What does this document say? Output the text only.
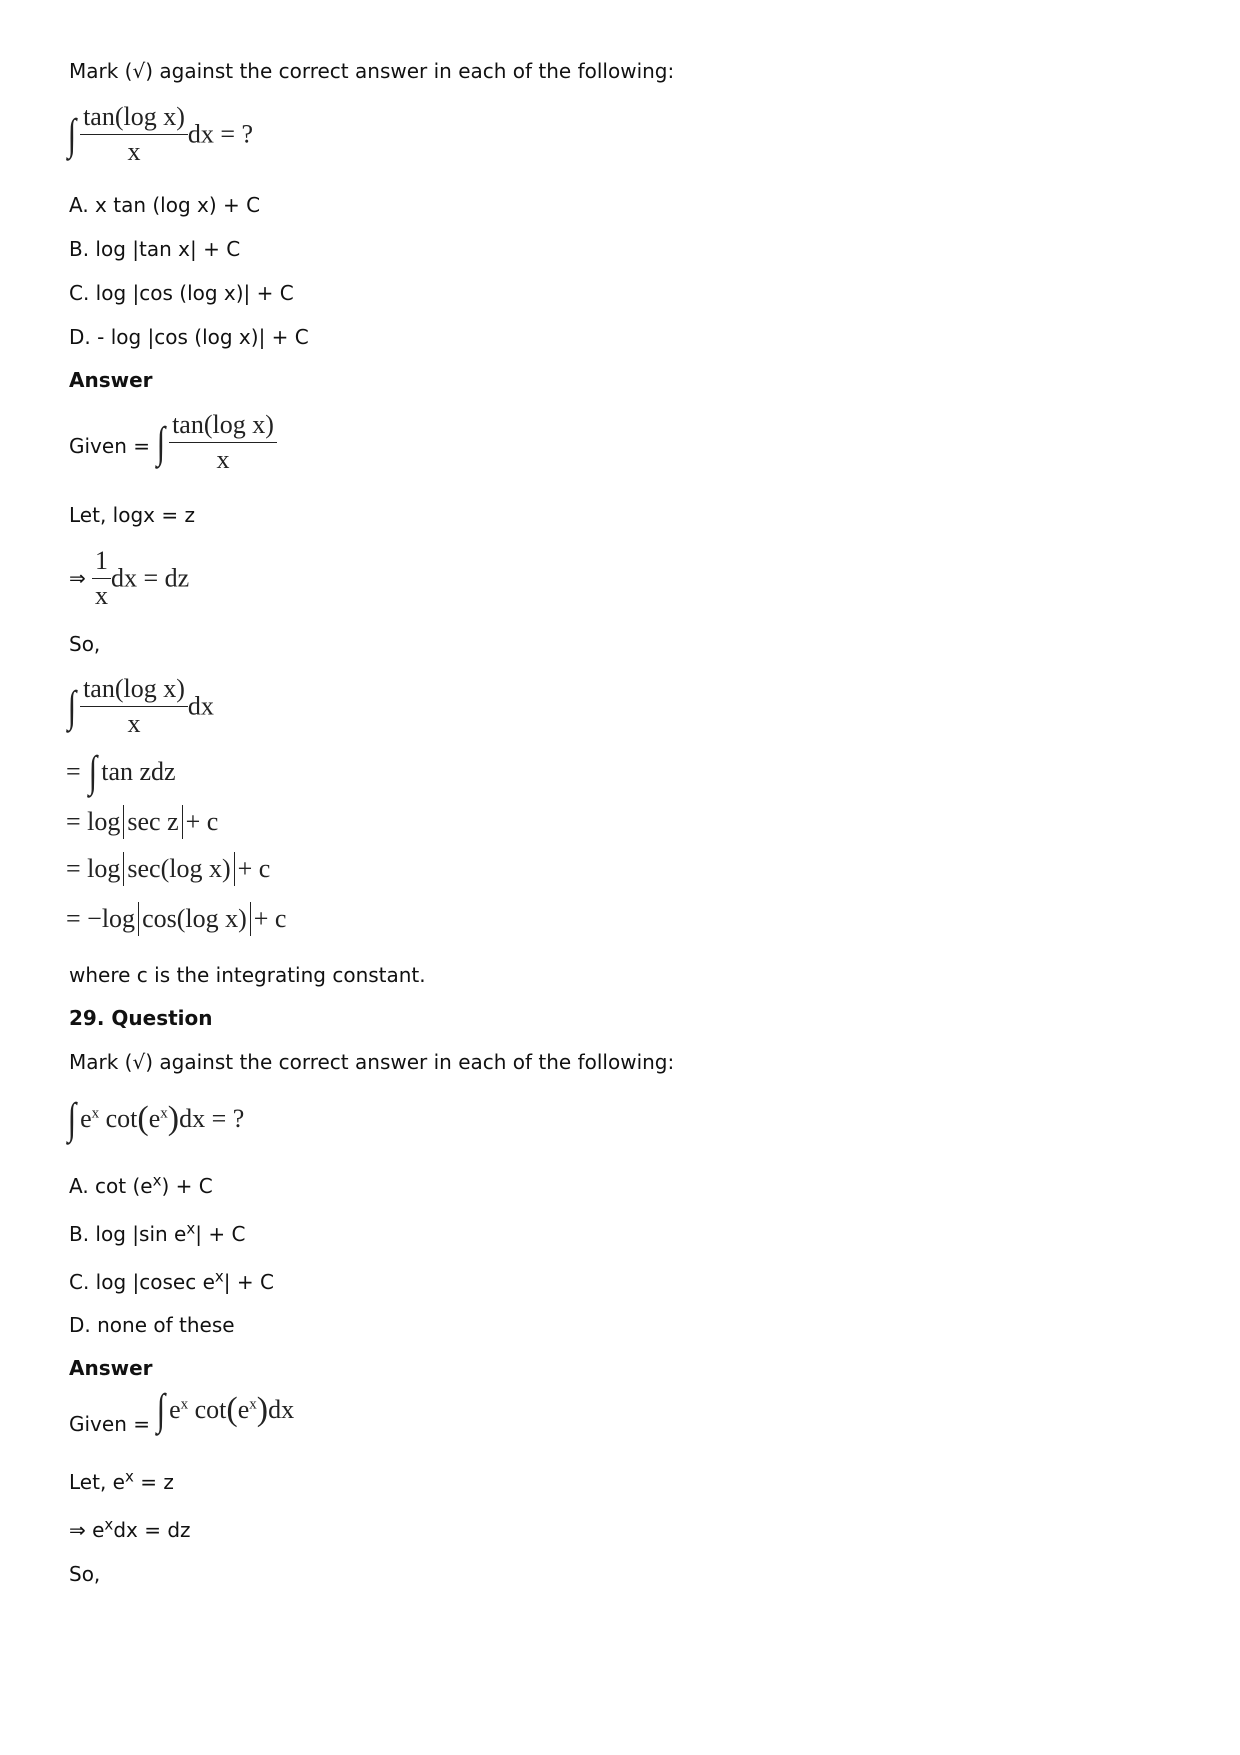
Mark (√) against the correct answer in each of the following:
∫ $\frac{\text{tan(log x)}}{x}$ dx = ?
A. x tan (log x) + C
B. log |tan x| + C
C. log |cos (log x)| + C
D. - log |cos (log x)| + C
Answer
Given = ∫ $\frac{\text{tan(log x)}}{x}$
Let, logx = z
⇒ $\frac{1}{x}$ dx = dz
So,
∫ $\frac{\text{tan(log x)}}{x}$ dx
= ∫ tan zdz
= log sec z + c
= log sec(log x) + c
= −log cos(log x) + c
where c is the integrating constant.
29. Question
Mark (√) against the correct answer in each of the following:
∫ $e^x$ $\cot(e^x)dx$ = ?
A. $\cot (e^x) + C$
B. log |sin $e^x| + C$
C. log |cosec $e^x| + C$
D. none of these
Answer
Given = ∫ $e^x$ $\cot(e^x)dx$
Let, $e^x = z$
⇒ $e^xdx$ = dz
So,
